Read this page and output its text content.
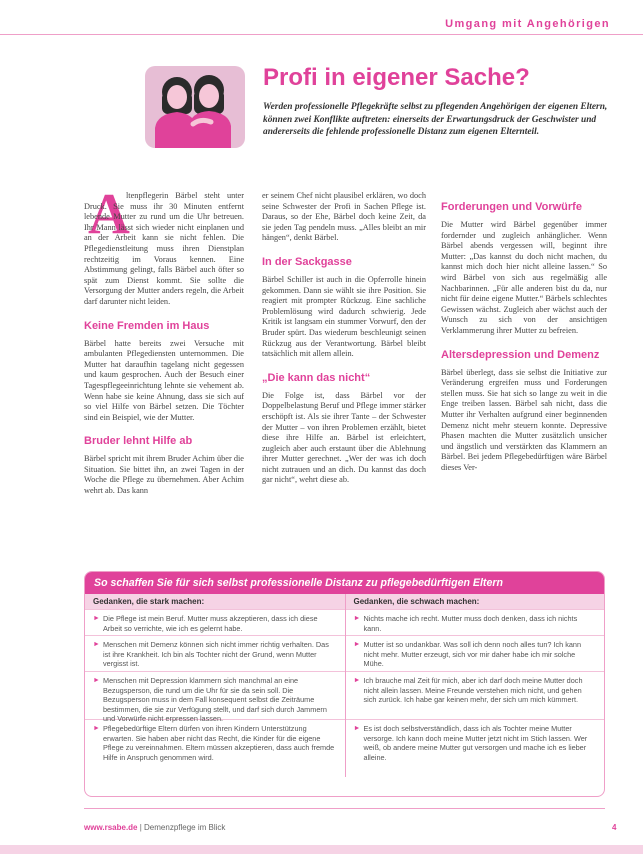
Umgang mit Angehörigen
Profi in eigener Sache?

Werden professionelle Pflegekräfte selbst zu pflegenden Angehörigen der eigenen Eltern, können zwei Konflikte auftreten: einerseits der Erwartungsdruck der Geschwister und andererseits die fehlende professionelle Distanz zum eigenen Elternteil.

A

ltenpflegerin Bärbel steht unter Druck. Sie muss ihr 30 Minuten entfernt lebende Mutter zu rund um die Uhr betreuen. Ihr Mann lässt sich wieder nicht einplanen und an der Arbeit kann sie nicht fehlen. Die Pflegedienstleitung muss ihren Dienstplan rechtzeitig im Voraus kennen. Eine Abstimmung gelingt, falls Bärbel auch öfter so spät zum Dienst kommt. Sie sollte die Versorgung der Mutter anders regeln, die Arbeit darf darunter nicht leiden.

Keine Fremden im Haus

Bärbel hatte bereits zwei Versuche mit ambulanten Pflegediensten unternommen. Die Mutter hat daraufhin tagelang nicht gegessen und kaum gesprochen. Auch der Besuch einer Tagespflegeeinrichtung lehnte sie vehement ab. Wenn habe sie keine Ahnung, dass sie sich auf so viel Hilfe von Bärbel setzen. Die Töchter sind ein Beispiel, wie der Mutter.

Bruder lehnt Hilfe ab

Bärbel spricht mit ihrem Bruder Achim über die Situation. Sie bittet ihn, an zwei Tagen in der Woche die Pflege zu übernehmen. Aber Achim wehrt ab. Das kann

er seinem Chef nicht plausibel erklären, wo doch seine Schwester der Profi in Sachen Pflege ist. Daraus, so der Ehe, Bärbel doch keine Zeit, da sie jeden Tag pendeln muss. „Alles bleibt an mir hängen“, denkt Bärbel.

In der Sackgasse

Bärbel Schiller ist auch in die Opferrolle hinein gekommen. Dann sie wählt sie ihre Position. Sie reagiert mit prompter Rückzug. Eine sachliche Problemlösung wird dadurch schwierig. Jede Kritik ist langsam ein stummer Vorwurf, den der Bruder spürt. Das wiederum beschleunigt seinen Rückzug aus der Verantwortung. Bärbel bleibt tatsächlich mit allem allein.

„Die kann das nicht“

Die Folge ist, dass Bärbel vor der Doppelbelastung Beruf und Pflege immer stärker erschöpft ist. Als sie ihrer Tante – der Schwester der Mutter – von ihren Problemen erzählt, bietet diese ihre Hilfe an. Bärbel ist erleichtert, zugleich aber auch erstaunt über die Ablehnung ihrer Mutter gerechnet. „Wer der was ich doch nicht zutrauen und an dich. Du kannst das doch gar nicht“, wehrt diese ab.

Forderungen und Vorwürfe

Die Mutter wird Bärbel gegenüber immer fordernder und zugleich anhänglicher. Wenn Bärbel abends vergessen will, beginnt ihre Mutter: „Das kannst du doch nicht machen, du kannst mich doch hier nicht alleine lassen.“ So wird Bärbel von sich aus regelmäßig alle Nachbarinnen. „Für alle anderen bist du da, nur nicht für deine eigene Mutter.“ Bärbels schlechtes Gewissen wächst. Zugleich aber wächst auch der Wunsch zu sich von der ansichtigen Verklammerung ihrer Mutter zu befreien.

Altersdepression und Demenz

Bärbel überlegt, dass sie selbst die Initiative zur Veränderung ergreifen muss und Forderungen stellen muss. Sie hat sich so lange zu weit in die Enge treiben lassen. Bärbel sah nicht, dass die Mutter ihr Verhalten aufgrund einer beginnenden Demenz nicht mehr steuern konnte. Depressive Phasen machten die Mutter zusätzlich unsicher und ängstlich und verstärkten das Klammern an Bärbel. Bei jedem Pflegebedürftigen wäre Bärbel dieses Ver-

So schaffen Sie für sich selbst professionelle Distanz zu pflegebedürftigen Eltern
Gedanken, die stark machen:
► Die Pflege ist mein Beruf. Mutter muss akzeptieren, dass ich diese Arbeit so verrichte, wie ich es gelernt habe.
► Menschen mit Demenz können sich nicht immer richtig verhalten. Das ist ihre Krankheit. Ich bin als Tochter nicht der Grund, wenn Mutter vergisst ist.
► Menschen mit Depression klammern sich manchmal an eine Bezugsperson, die rund um die Uhr für sie da sein soll. Die Bezugsperson muss in dem Fall konsequent selbst die Zeiträume bestimmen, die sie zur Verfügung stellt, und darf sich durch Jammern und Vorwürfe nicht erpressen lassen.
► Pflegebedürftige Eltern dürfen von ihren Kindern Unterstützung erwarten. Sie haben aber nicht das Recht, die Kinder für die eigene Pflege zu vereinnahmen. Eltern müssen akzeptieren, dass auch fremde Hilfe in Anspruch genommen wird.
Gedanken, die schwach machen:
► Nichts mache ich recht. Mutter muss doch denken, dass ich nichts kann.
► Mutter ist so undankbar. Was soll ich denn noch alles tun? Ich kann nicht mehr. Mutter erzeugt, sich vor mir daher habe ich mir solche Mühe.
► Ich brauche mal Zeit für mich, aber ich darf doch meine Mutter doch nicht allein lassen. Meine Freunde verstehen mich nicht, und gehen sich zurück. Ich habe gar keinen mehr, der sich um mich kümmert.
► Es ist doch selbstverständlich, dass ich als Tochter meine Mutter versorge. Ich kann doch meine Mutter jetzt nicht im Stich lassen. Wer weiß, ob andere meine Mutter gut versorgen und mache ich es lieber alleine.
www.rsabe.de | Demenzpflege im Blick	4
